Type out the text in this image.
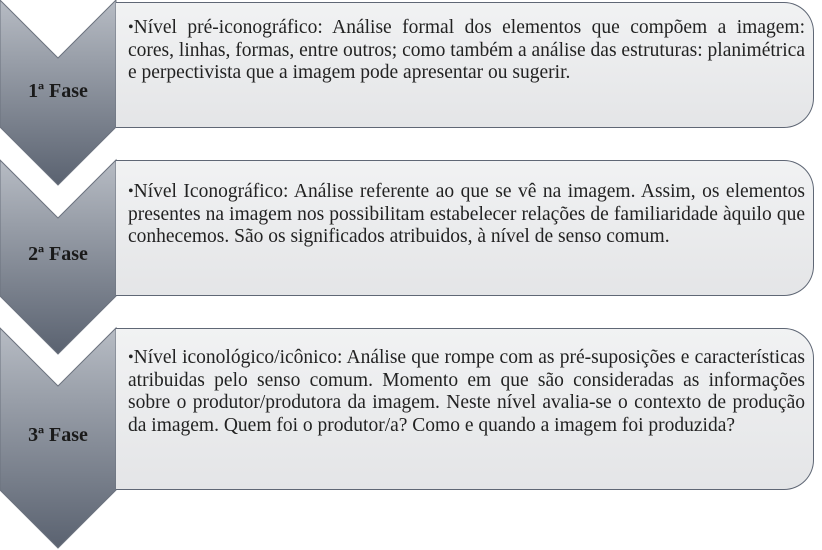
1ª Fase

•Nível pré-iconográfico: Análise formal dos elementos que compõem a imagem: cores, linhas, formas, entre outros; como também a análise das estruturas: planimétrica e perpectivista que a imagem pode apresentar ou sugerir.

2ª Fase

•Nível Iconográfico: Análise referente ao que se vê na imagem. Assim, os elementos presentes na imagem nos possibilitam estabelecer relações de familiaridade àquilo que conhecemos. São os significados atribuidos, à nível de senso comum.

3ª Fase

•Nível iconológico/icônico: Análise que rompe com as pré-suposições e características atribuidas pelo senso comum. Momento em que são consideradas as informações sobre o produtor/produtora da imagem. Neste nível avalia-se o contexto de produção da imagem. Quem foi o produtor/a? Como e quando a imagem foi produzida?
